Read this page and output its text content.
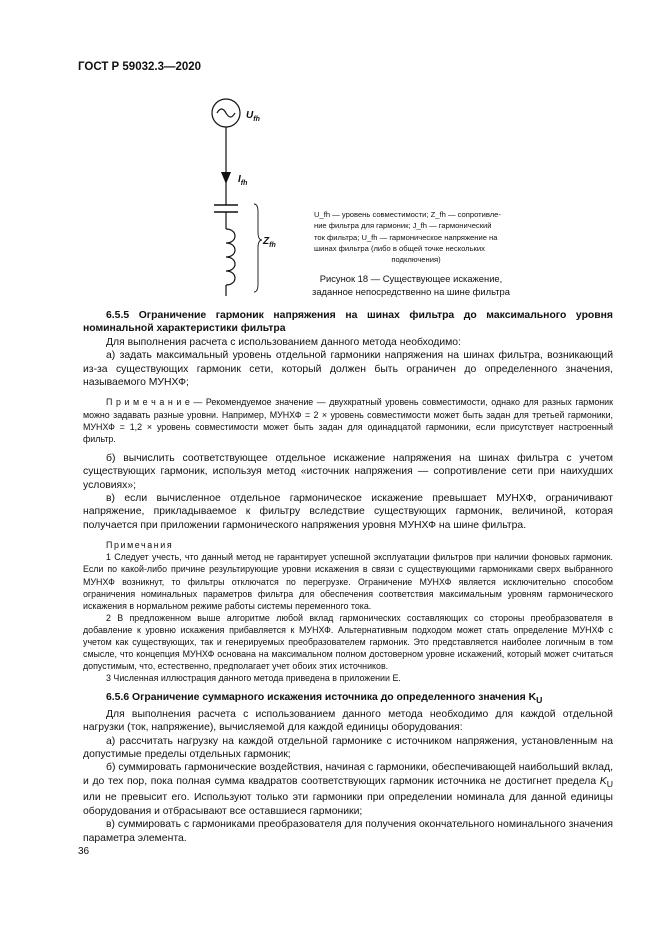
ГОСТ Р 59032.3—2020
$U_{fh}$
$I_{fh}$
$Z_{fh}$
U_fh — уровень совместимости; Z_fh — сопротивле-
ние фильтра для гармоник; J_fh — гармонический
ток фильтра; U_fh — гармоническое напряжение на
шинах фильтра (либо в общей точке нескольких
подключения)
Рисунок 18 — Существующее искажение,
заданное непосредственно на шине фильтра

6.5.5 Ограничение гармоник напряжения на шинах фильтра до максимального уровня номинальной характеристики фильтра

Для выполнения расчета с использованием данного метода необходимо:

а) задать максимальный уровень отдельной гармоники напряжения на шинах фильтра, возникающий из-за существующих гармоник сети, который должен быть ограничен до определенного значения, называемого МУНХФ;

П р и м е ч а н и е — Рекомендуемое значение — двухкратный уровень совместимости, однако для разных гармоник можно задавать разные уровни. Например, МУНХФ = 2 × уровень совместимости может быть задан для третьей гармоники, МУНХФ = 1,2 × уровень совместимости может быть задан для одинадцатой гармоники, если присутствует настроенный фильтр.

б) вычислить соответствующее отдельное искажение напряжения на шинах фильтра с учетом существующих гармоник, используя метод «источник напряжения — сопротивление сети при наихудших условиях»;

в) если вычисленное отдельное гармоническое искажение превышает МУНХФ, ограничивают напряжение, прикладываемое к фильтру вследствие существующих гармоник, величиной, которая получается при приложении гармонического напряжения уровня МУНХФ на шине фильтра.

Примечания

1 Следует учесть, что данный метод не гарантирует успешной эксплуатации фильтров при наличии фоновых гармоник. Если по какой-либо причине результирующие уровни искажения в связи с существующими гармониками сверх выбранного МУНХФ возникнут, то фильтры отключатся по перегрузке. Ограничение МУНХФ является исключительно способом ограничения номинальных параметров фильтра для обеспечения соответствия максимальным уровням гармонического искажения в нормальном режиме работы системы переменного тока.

2 В предложенном выше алгоритме любой вклад гармонических составляющих со стороны преобразователя в добавление к уровню искажения прибавляется к МУНХФ. Альтернативным подходом может стать определение МУНХФ с учетом как существующих, так и генерируемых преобразователем гармоник. Это представляется наиболее логичным в том смысле, что концепция МУНХФ основана на максимальном полном достоверном уровне искажений, который может считаться допустимым, что, естественно, предполагает учет обоих этих источников.

3 Численная иллюстрация данного метода приведена в приложении Е.

6.5.6 Ограничение суммарного искажения источника до определенного значения $K_U$

Для выполнения расчета с использованием данного метода необходимо для каждой отдельной нагрузки (ток, напряжение), вычисляемой для каждой единицы оборудования:

а) рассчитать нагрузку на каждой отдельной гармонике с источником напряжения, установленным на допустимые пределы отдельных гармоник;

б) суммировать гармонические воздействия, начиная с гармоники, обеспечивающей наибольший вклад, и до тех пор, пока полная сумма квадратов соответствующих гармоник источника не достигнет предела $K_U$ или не превысит его. Используют только эти гармоники при определении номинала для данной единицы оборудования и отбрасывают все оставшиеся гармоники;

в) суммировать с гармониками преобразователя для получения окончательного номинального значения параметра элемента.

36
